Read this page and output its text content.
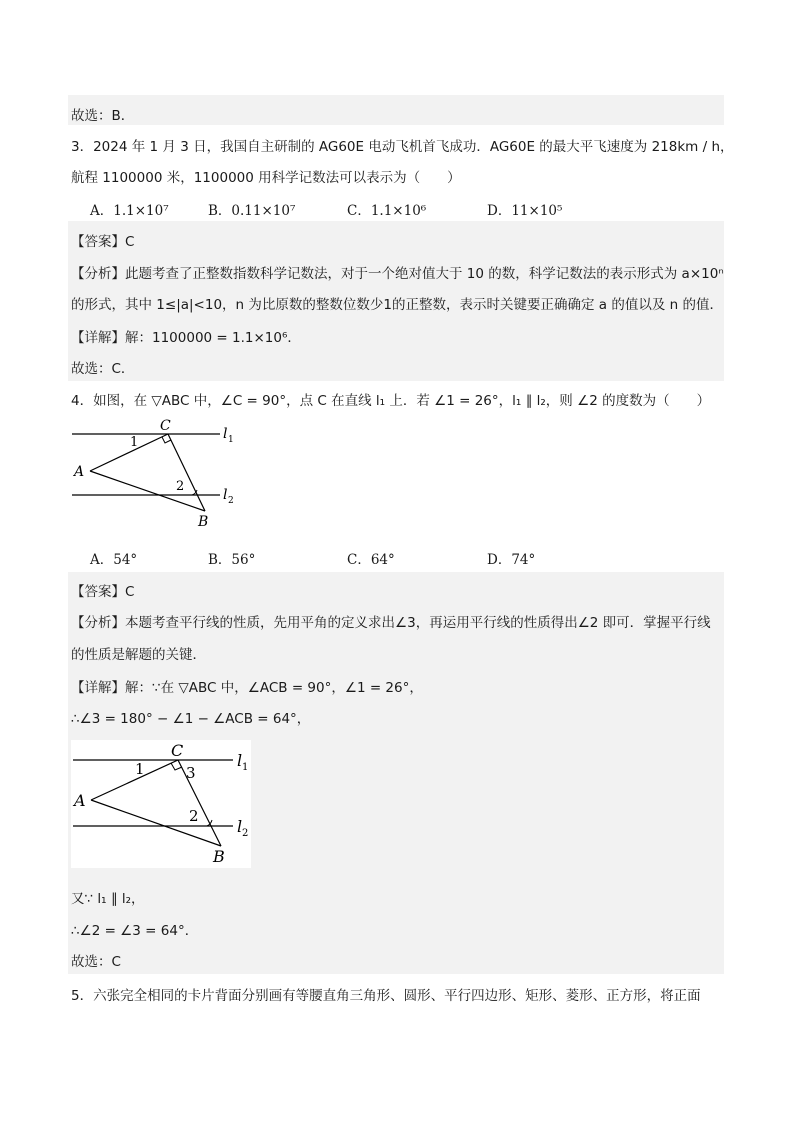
故选：B．
3．2024 年 1 月 3 日，我国自主研制的 AG60E 电动飞机首飞成功．AG60E 的最大平飞速度为 218km / h，
航程 1100000 米，1100000 用科学记数法可以表示为（　　）
A．1.1×10⁷	B．0.11×10⁷	C．1.1×10⁶	D．11×10⁵
【答案】C
【分析】此题考查了正整数指数科学记数法，对于一个绝对值大于 10 的数，科学记数法的表示形式为 a×10ⁿ
的形式，其中 1≤|a|<10，n 为比原数的整数位数少1的正整数，表示时关键要正确确定 a 的值以及 n 的值．
【详解】解：1100000 = 1.1×10⁶．
故选：C．
4．如图，在 ▽ABC 中，∠C = 90°，点 C 在直线 l₁ 上．若 ∠1 = 26°，l₁ ∥ l₂，则 ∠2 的度数为（　　）
C
A
B
1
2
l 1
l 2
A．54°	B．56°	C．64°	D．74°
【答案】C
【分析】本题考查平行线的性质，先用平角的定义求出∠3，再运用平行线的性质得出∠2 即可．掌握平行线
的性质是解题的关键．
【详解】解：∵在 ▽ABC 中，∠ACB = 90°，∠1 = 26°，
∴∠3 = 180° − ∠1 − ∠ACB = 64°，
C
A
B
1	3
2
l 1
l 2
又∵ l₁ ∥ l₂，
∴∠2 = ∠3 = 64°．
故选：C
5．六张完全相同的卡片背面分别画有等腰直角三角形、圆形、平行四边形、矩形、菱形、正方形，将正面
